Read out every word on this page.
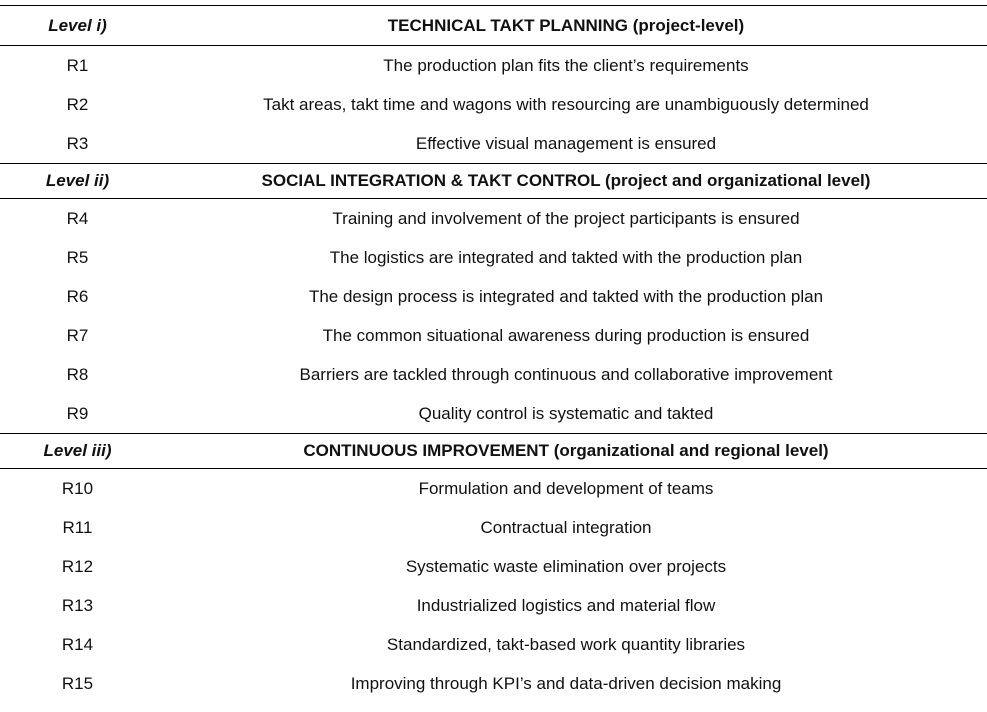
Level i)	TECHNICAL TAKT PLANNING (project-level)
R1	The production plan fits the client’s requirements
R2	Takt areas, takt time and wagons with resourcing are unambiguously determined
R3	Effective visual management is ensured
Level ii)	SOCIAL INTEGRATION & TAKT CONTROL (project and organizational level)
R4	Training and involvement of the project participants is ensured
R5	The logistics are integrated and takted with the production plan
R6	The design process is integrated and takted with the production plan
R7	The common situational awareness during production is ensured
R8	Barriers are tackled through continuous and collaborative improvement
R9	Quality control is systematic and takted
Level iii)	CONTINUOUS IMPROVEMENT (organizational and regional level)
R10	Formulation and development of teams
R11	Contractual integration
R12	Systematic waste elimination over projects
R13	Industrialized logistics and material flow
R14	Standardized, takt-based work quantity libraries
R15	Improving through KPI’s and data-driven decision making
